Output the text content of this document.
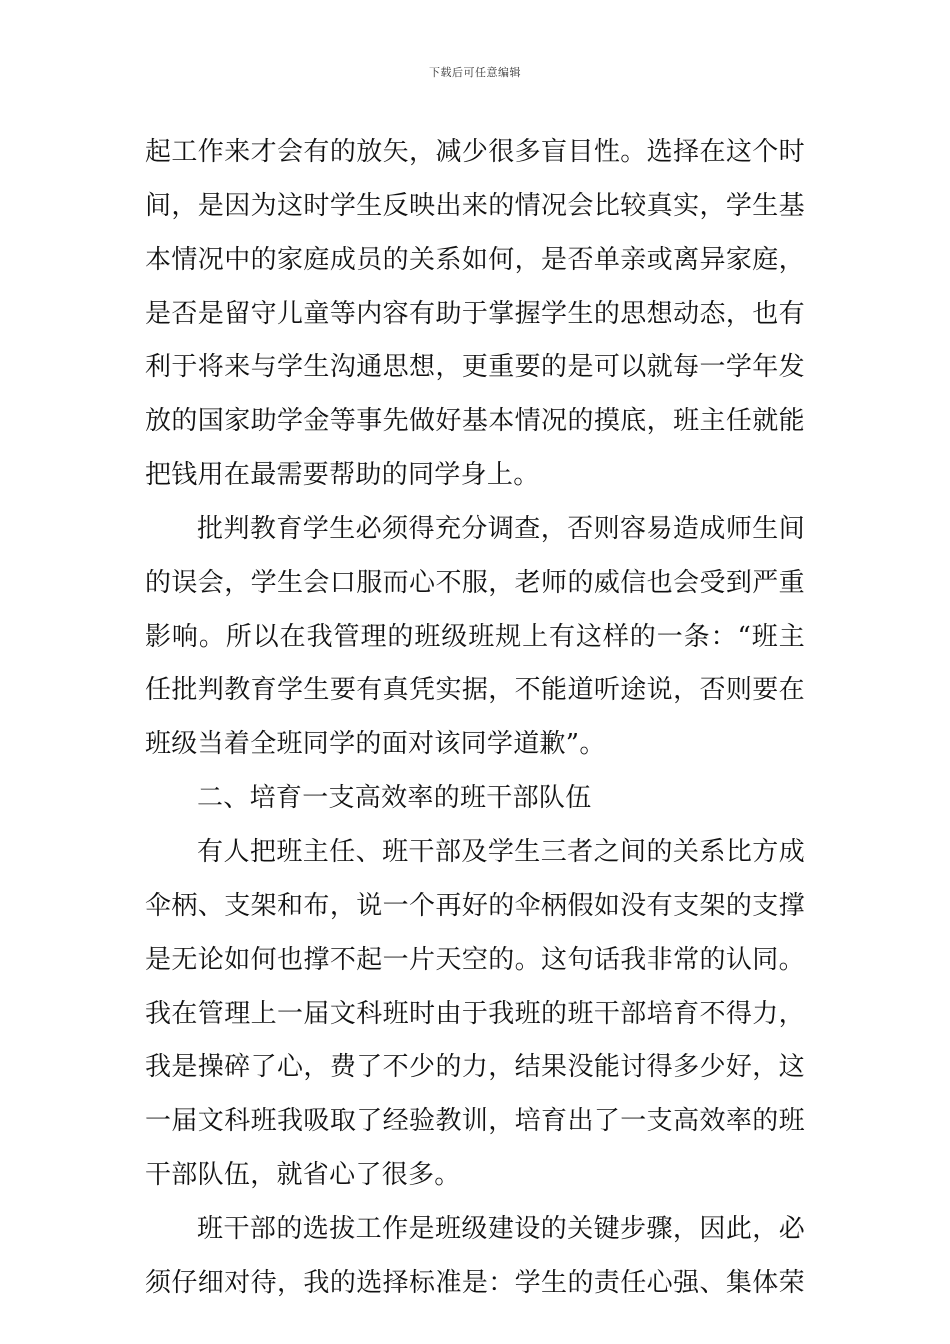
下载后可任意编辑
起工作来才会有的放矢，减少很多盲目性。选择在这个时
间，是因为这时学生反映出来的情况会比较真实，学生基
本情况中的家庭成员的关系如何，是否单亲或离异家庭，
是否是留守儿童等内容有助于掌握学生的思想动态，也有
利于将来与学生沟通思想，更重要的是可以就每一学年发
放的国家助学金等事先做好基本情况的摸底，班主任就能
把钱用在最需要帮助的同学身上。
批判教育学生必须得充分调查，否则容易造成师生间
的误会，学生会口服而心不服，老师的威信也会受到严重
影响。所以在我管理的班级班规上有这样的一条：“班主
任批判教育学生要有真凭实据，不能道听途说，否则要在
班级当着全班同学的面对该同学道歉”。
二、培育一支高效率的班干部队伍
有人把班主任、班干部及学生三者之间的关系比方成
伞柄、支架和布，说一个再好的伞柄假如没有支架的支撑
是无论如何也撑不起一片天空的。这句话我非常的认同。
我在管理上一届文科班时由于我班的班干部培育不得力，
我是操碎了心，费了不少的力，结果没能讨得多少好，这
一届文科班我吸取了经验教训，培育出了一支高效率的班
干部队伍，就省心了很多。
班干部的选拔工作是班级建设的关键步骤，因此，必
须仔细对待，我的选择标准是：学生的责任心强、集体荣
